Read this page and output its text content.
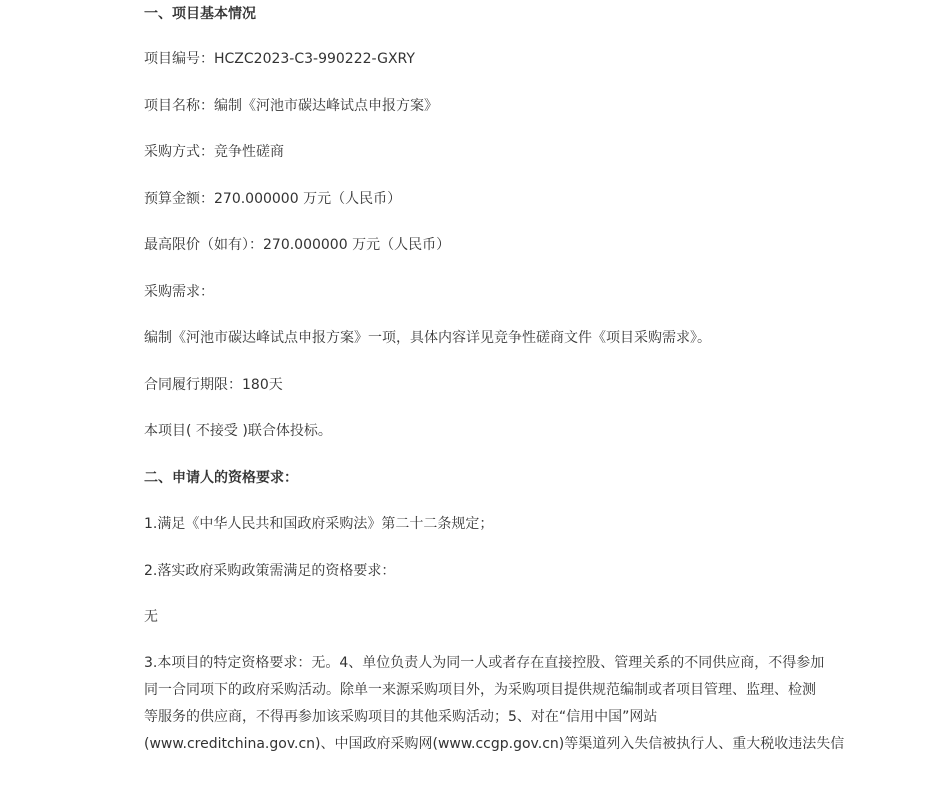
一、项目基本情况
项目编号：HCZC2023-C3-990222-GXRY
项目名称：编制《河池市碳达峰试点申报方案》
采购方式：竞争性磋商
预算金额：270.000000 万元（人民币）
最高限价（如有）：270.000000 万元（人民币）
采购需求：
编制《河池市碳达峰试点申报方案》一项，具体内容详见竞争性磋商文件《项目采购需求》。
合同履行期限：180天
本项目( 不接受 )联合体投标。
二、申请人的资格要求：
1.满足《中华人民共和国政府采购法》第二十二条规定；
2.落实政府采购政策需满足的资格要求：
无
3.本项目的特定资格要求：无。4、单位负责人为同一人或者存在直接控股、管理关系的不同供应商，不得参加
同一合同项下的政府采购活动。除单一来源采购项目外，为采购项目提供规范编制或者项目管理、监理、检测
等服务的供应商，不得再参加该采购项目的其他采购活动；5、对在“信用中国”网站
(www.creditchina.gov.cn)、中国政府采购网(www.ccgp.gov.cn)等渠道列入失信被执行人、重大税收违法失信
